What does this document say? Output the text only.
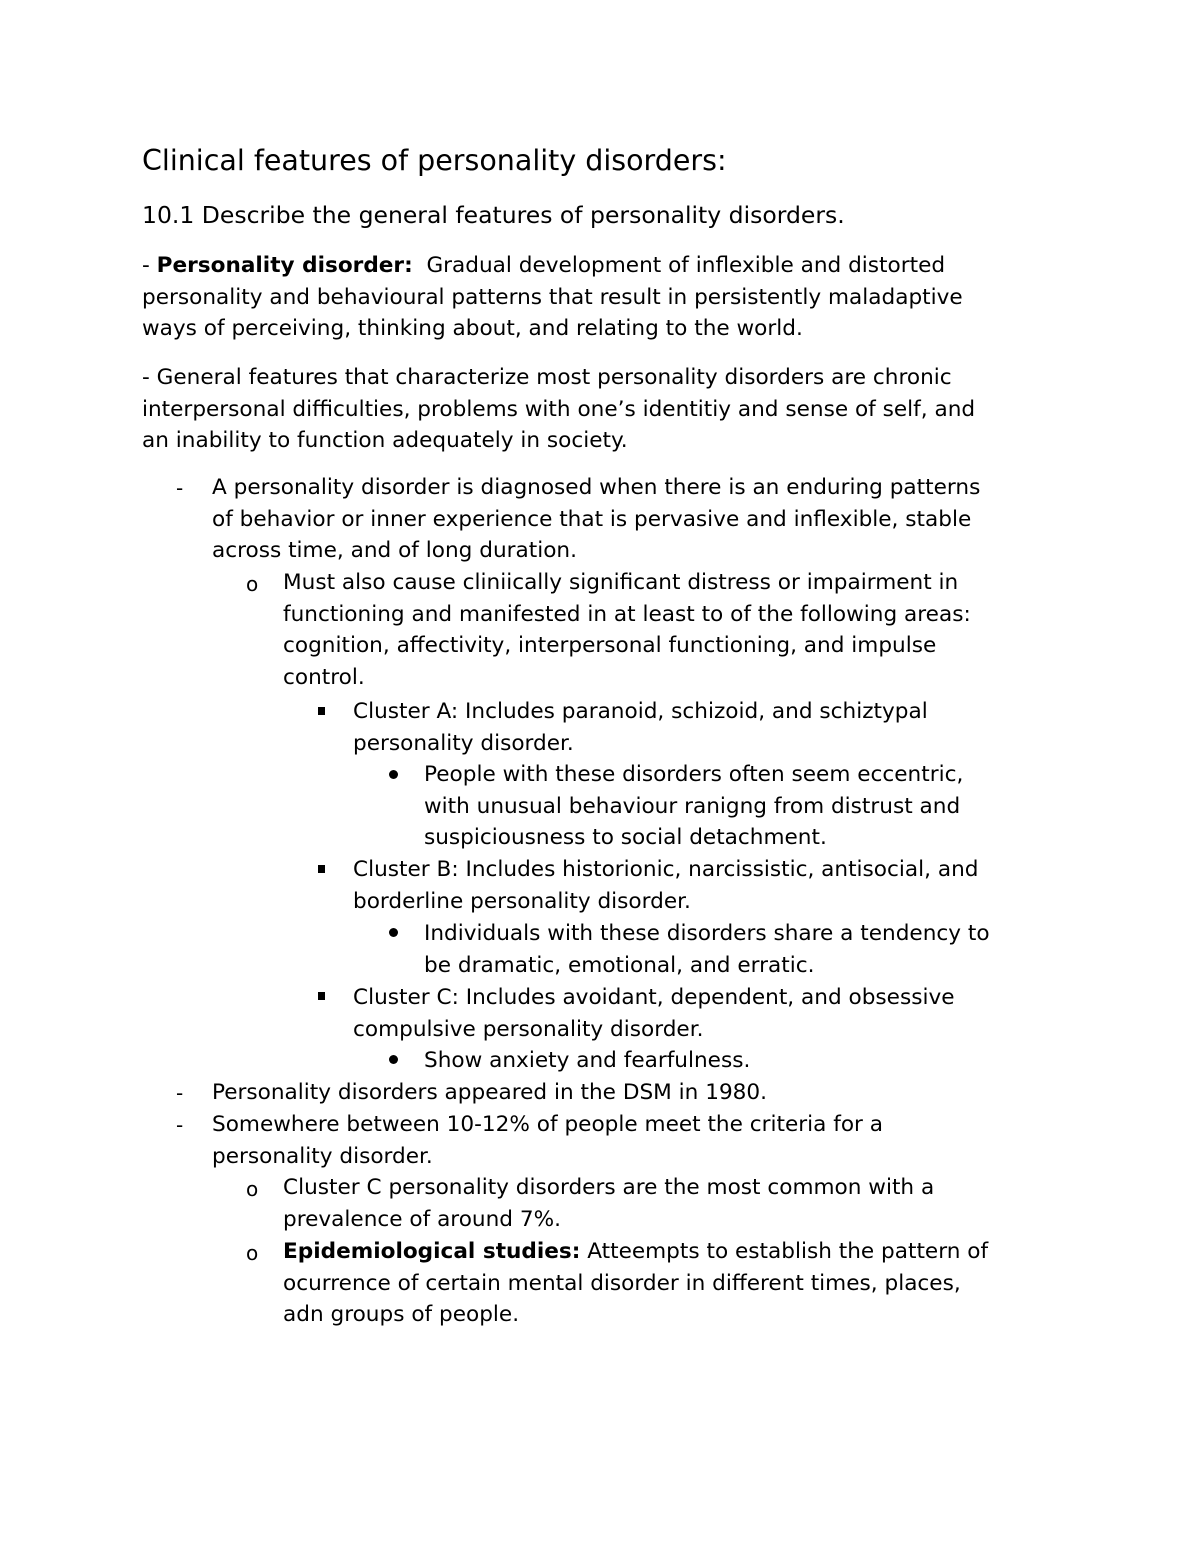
Clinical features of personality disorders:
10.1 Describe the general features of personality disorders.
- Personality disorder:  Gradual development of inflexible and distorted
personality and behavioural patterns that result in persistently maladaptive
ways of perceiving, thinking about, and relating to the world.
- General features that characterize most personality disorders are chronic
interpersonal difficulties, problems with one’s identitiy and sense of self, and
an inability to function adequately in society.
- A personality disorder is diagnosed when there is an enduring patterns
of behavior or inner experience that is pervasive and inflexible, stable
across time, and of long duration.
o Must also cause cliniically significant distress or impairment in
functioning and manifested in at least to of the following areas:
cognition, affectivity, interpersonal functioning, and impulse
control.
Cluster A: Includes paranoid, schizoid, and schiztypal
personality disorder.
People with these disorders often seem eccentric,
with unusual behaviour ranigng from distrust and
suspiciousness to social detachment.
Cluster B: Includes historionic, narcissistic, antisocial, and
borderline personality disorder.
Individuals with these disorders share a tendency to
be dramatic, emotional, and erratic.
Cluster C: Includes avoidant, dependent, and obsessive
compulsive personality disorder.
Show anxiety and fearfulness.
- Personality disorders appeared in the DSM in 1980.
- Somewhere between 10-12% of people meet the criteria for a
personality disorder.
o Cluster C personality disorders are the most common with a
prevalence of around 7%.
o Epidemiological studies: Atteempts to establish the pattern of
ocurrence of certain mental disorder in different times, places,
adn groups of people.
